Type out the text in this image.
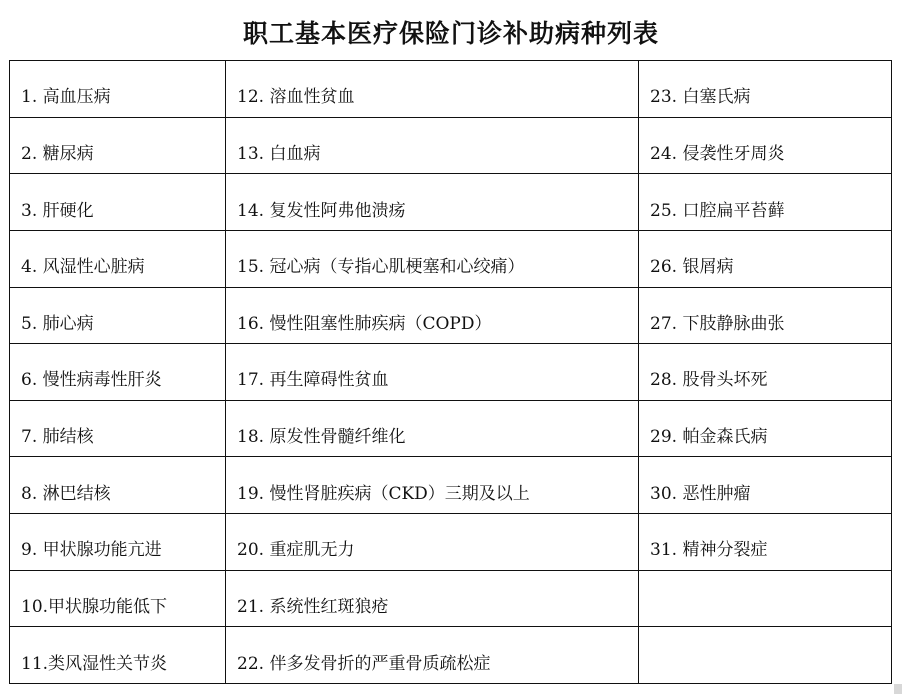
职工基本医疗保险门诊补助病种列表
1. 高血压病	12. 溶血性贫血	23. 白塞氏病
2. 糖尿病	13. 白血病	24. 侵袭性牙周炎
3. 肝硬化	14. 复发性阿弗他溃疡	25. 口腔扁平苔藓
4. 风湿性心脏病	15. 冠心病（专指心肌梗塞和心绞痛）	26. 银屑病
5. 肺心病	16. 慢性阻塞性肺疾病（COPD）	27. 下肢静脉曲张
6. 慢性病毒性肝炎	17. 再生障碍性贫血	28. 股骨头坏死
7. 肺结核	18. 原发性骨髓纤维化	29. 帕金森氏病
8. 淋巴结核	19. 慢性肾脏疾病（CKD）三期及以上	30. 恶性肿瘤
9. 甲状腺功能亢进	20. 重症肌无力	31. 精神分裂症
10.甲状腺功能低下	21. 系统性红斑狼疮	
11.类风湿性关节炎	22. 伴多发骨折的严重骨质疏松症	
